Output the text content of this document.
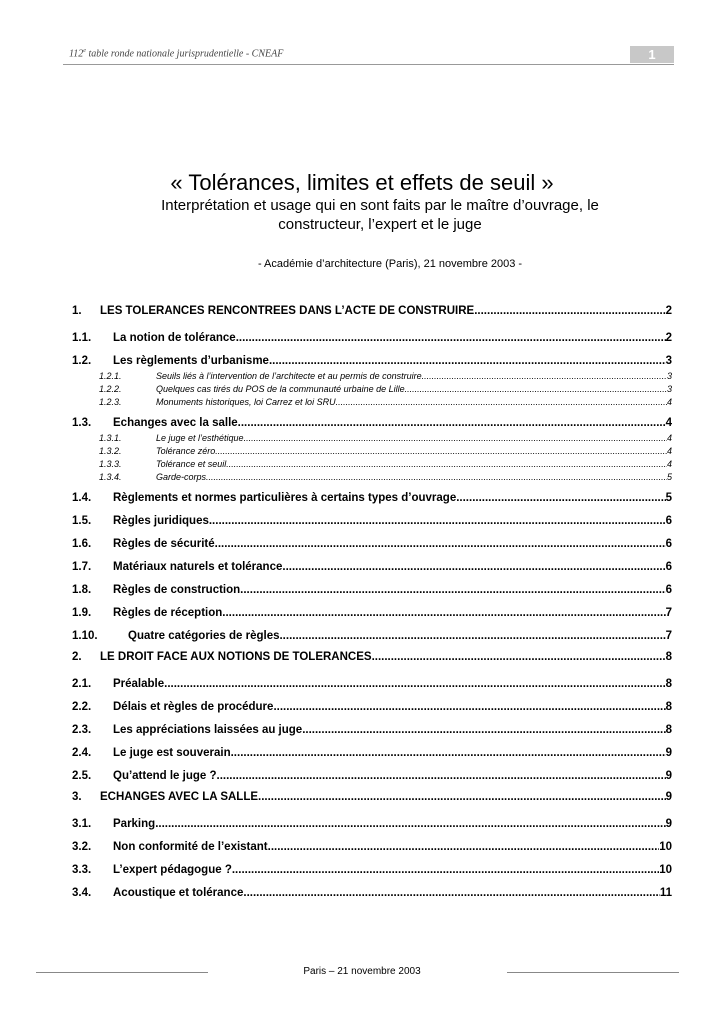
112e table ronde nationale jurisprudentielle - CNEAF	1
« Tolérances, limites et effets de seuil »
Interprétation et usage qui en sont faits par le maître d’ouvrage, le constructeur, l’expert et le juge
- Académie d’architecture (Paris), 21 novembre 2003 -
1.	LES TOLERANCES RENCONTREES DANS L’ACTE DE CONSTRUIRE .....	2
1.1.	La notion de tolérance .....	2
1.2.	Les règlements d’urbanisme .....	3
1.2.1.	Seuils liés à l’intervention de l’architecte et au permis de construire .....	3
1.2.2.	Quelques cas tirés du POS de la communauté urbaine de Lille .....	3
1.2.3.	Monuments historiques, loi Carrez et loi SRU .....	4
1.3.	Echanges avec la salle .....	4
1.3.1.	Le juge et l’esthétique .....	4
1.3.2.	Tolérance zéro .....	4
1.3.3.	Tolérance et seuil .....	4
1.3.4.	Garde-corps .....	5
1.4.	Règlements et normes particulières à certains types d’ouvrage .....	5
1.5.	Règles juridiques .....	6
1.6.	Règles de sécurité .....	6
1.7.	Matériaux naturels et tolérance .....	6
1.8.	Règles de construction .....	6
1.9.	Règles de réception .....	7
1.10.	Quatre catégories de règles .....	7
2.	LE DROIT FACE AUX NOTIONS DE TOLERANCES .....	8
2.1.	Préalable .....	8
2.2.	Délais et règles de procédure .....	8
2.3.	Les appréciations laissées au juge .....	8
2.4.	Le juge est souverain .....	9
2.5.	Qu’attend le juge ? .....	9
3.	ECHANGES AVEC LA SALLE .....	9
3.1.	Parking .....	9
3.2.	Non conformité de l’existant .....	10
3.3.	L’expert pédagogue ? .....	10
3.4.	Acoustique et tolérance .....	11
Paris – 21 novembre 2003
